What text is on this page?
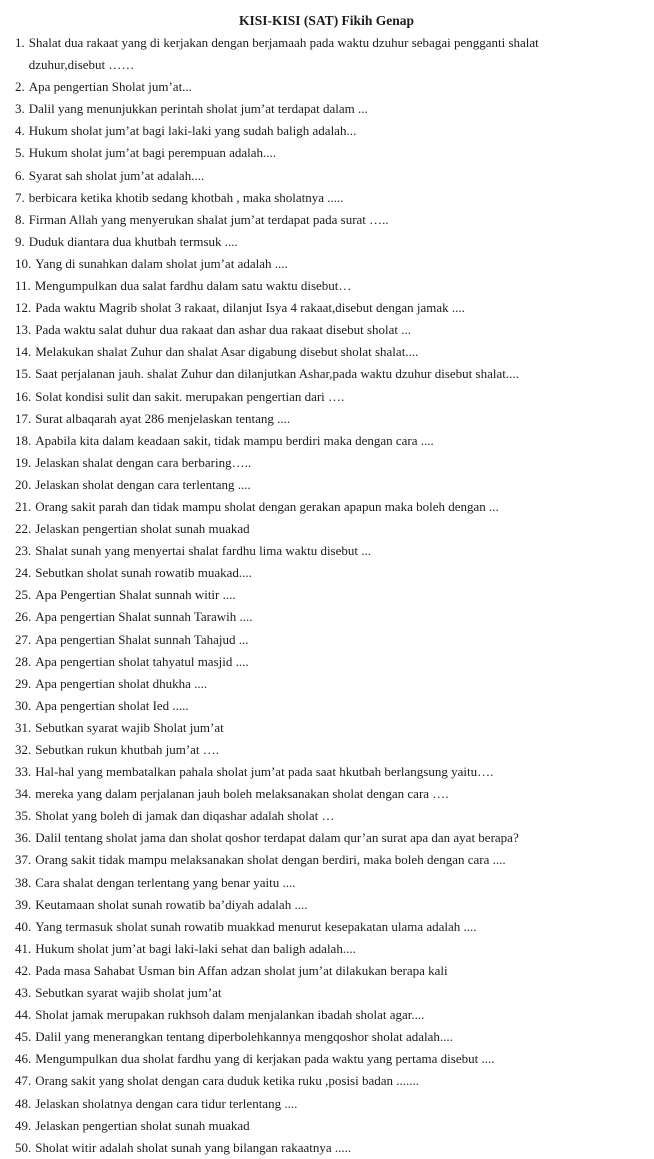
KISI-KISI (SAT) Fikih Genap
1. Shalat dua rakaat yang di kerjakan dengan berjamaah pada waktu dzuhur sebagai pengganti shalat
dzuhur,disebut ……
2. Apa pengertian Sholat jum’at...
3. Dalil yang menunjukkan perintah sholat jum’at terdapat dalam ...
4. Hukum sholat jum’at bagi laki-laki yang sudah baligh adalah...
5. Hukum sholat jum’at bagi perempuan adalah....
6. Syarat sah sholat jum’at adalah....
7. berbicara ketika khotib sedang khotbah , maka sholatnya .....
8. Firman Allah yang menyerukan shalat jum’at terdapat pada surat …..
9. Duduk diantara dua khutbah termsuk ....
10. Yang di sunahkan dalam sholat jum’at adalah ....
11. Mengumpulkan dua salat fardhu dalam satu waktu disebut…
12. Pada waktu Magrib sholat 3 rakaat, dilanjut Isya 4 rakaat,disebut dengan jamak ....
13. Pada waktu salat duhur dua rakaat dan ashar dua rakaat disebut sholat ...
14. Melakukan shalat Zuhur dan shalat Asar digabung disebut sholat shalat....
15. Saat perjalanan jauh. shalat Zuhur dan dilanjutkan Ashar,pada waktu dzuhur disebut shalat....
16. Solat kondisi sulit dan sakit. merupakan pengertian dari ….
17. Surat albaqarah ayat 286 menjelaskan tentang ....
18. Apabila kita dalam keadaan sakit, tidak mampu berdiri maka dengan cara ....
19. Jelaskan shalat dengan cara berbaring…..
20. Jelaskan sholat dengan cara terlentang ....
21. Orang sakit parah dan tidak mampu sholat dengan gerakan apapun maka boleh dengan ...
22. Jelaskan pengertian sholat sunah muakad
23. Shalat sunah yang menyertai shalat fardhu lima waktu disebut ...
24. Sebutkan sholat sunah rowatib muakad....
25. Apa Pengertian Shalat sunnah witir ....
26. Apa pengertian Shalat sunnah Tarawih ....
27. Apa pengertian Shalat sunnah Tahajud ...
28. Apa pengertian sholat tahyatul masjid ....
29. Apa pengertian sholat dhukha ....
30. Apa pengertian sholat Ied .....
31. Sebutkan syarat wajib Sholat jum’at
32. Sebutkan rukun khutbah jum’at ….
33. Hal-hal yang membatalkan pahala sholat jum’at pada saat hkutbah berlangsung yaitu….
34. mereka yang dalam perjalanan jauh boleh melaksanakan sholat dengan cara ….
35. Sholat yang boleh di jamak dan diqashar adalah sholat …
36. Dalil tentang sholat jama dan sholat qoshor terdapat dalam qur’an surat apa dan ayat berapa?
37. Orang sakit tidak mampu melaksanakan sholat dengan berdiri, maka boleh dengan cara ....
38. Cara shalat dengan terlentang yang benar yaitu ....
39. Keutamaan sholat sunah rowatib ba’diyah adalah ....
40. Yang termasuk sholat sunah rowatib muakkad menurut kesepakatan ulama adalah ....
41. Hukum sholat jum’at bagi laki-laki sehat dan baligh adalah....
42. Pada masa Sahabat Usman bin Affan adzan sholat jum’at dilakukan berapa kali
43. Sebutkan syarat wajib sholat jum’at
44. Sholat jamak merupakan rukhsoh dalam menjalankan ibadah sholat agar....
45. Dalil yang menerangkan tentang diperbolehkannya mengqoshor sholat adalah....
46. Mengumpulkan dua sholat fardhu yang di kerjakan pada waktu yang pertama disebut ....
47. Orang sakit yang sholat dengan cara duduk ketika ruku ,posisi badan .......
48. Jelaskan sholatnya dengan cara tidur terlentang ....
49. Jelaskan pengertian sholat sunah muakad
50. Sholat witir adalah sholat sunah yang bilangan rakaatnya .....
